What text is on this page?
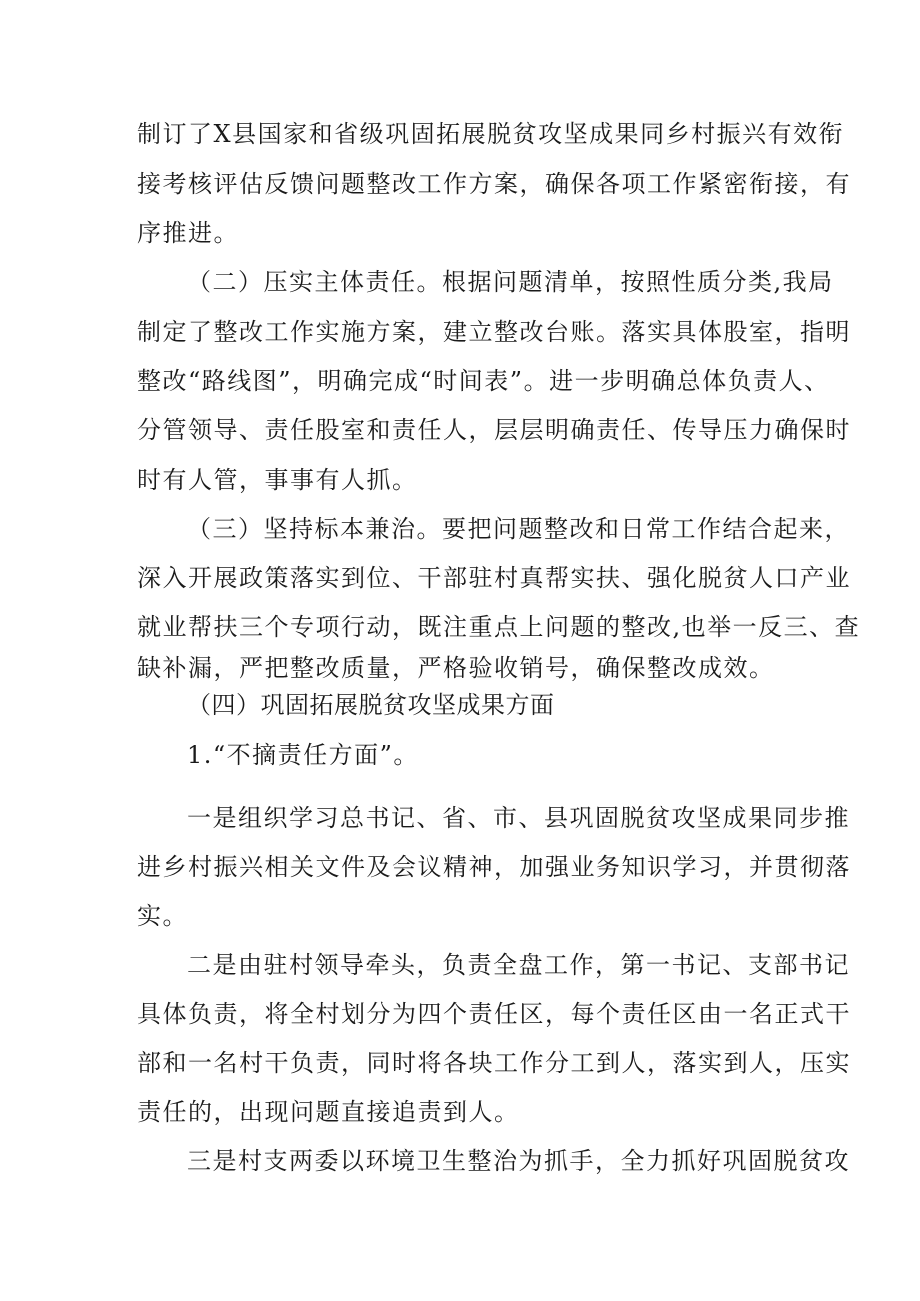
制订了X县国家和省级巩固拓展脱贫攻坚成果同乡村振兴有效衔
接考核评估反馈问题整改工作方案，确保各项工作紧密衔接，有
序推进。
（二）压实主体责任。根据问题清单，按照性质分类,我局
制定了整改工作实施方案，建立整改台账。落实具体股室，指明
整改“路线图”，明确完成“时间表”。进一步明确总体负责人、
分管领导、责任股室和责任人，层层明确责任、传导压力确保时
时有人管，事事有人抓。
（三）坚持标本兼治。要把问题整改和日常工作结合起来，
深入开展政策落实到位、干部驻村真帮实扶、强化脱贫人口产业
就业帮扶三个专项行动，既注重点上问题的整改,也举一反三、查
缺补漏，严把整改质量，严格验收销号，确保整改成效。
（四）巩固拓展脱贫攻坚成果方面
1.“不摘责任方面”。
一是组织学习总书记、省、市、县巩固脱贫攻坚成果同步推
进乡村振兴相关文件及会议精神，加强业务知识学习，并贯彻落
实。
二是由驻村领导牵头，负责全盘工作，第一书记、支部书记
具体负责，将全村划分为四个责任区，每个责任区由一名正式干
部和一名村干负责，同时将各块工作分工到人，落实到人，压实
责任的，出现问题直接追责到人。
三是村支两委以环境卫生整治为抓手，全力抓好巩固脱贫攻
